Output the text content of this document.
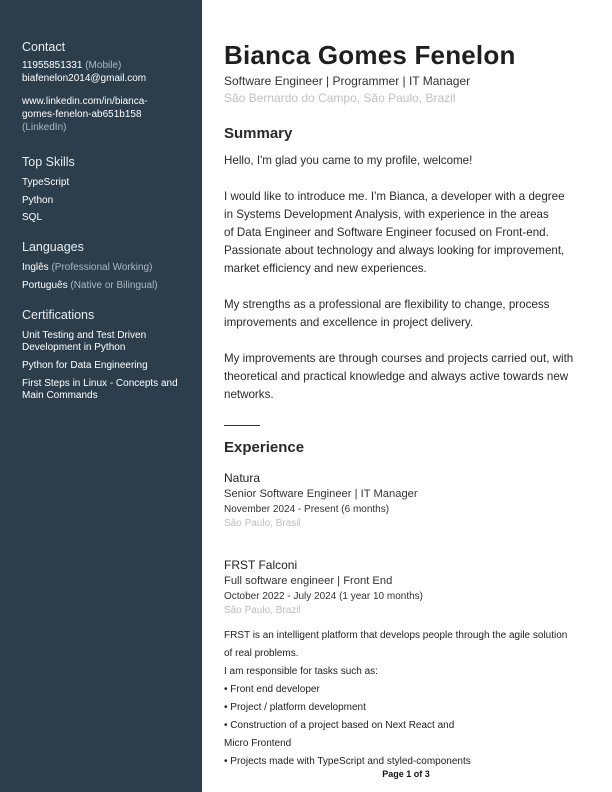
Contact
11955851331 (Mobile)
biafenelon2014@gmail.com
www.linkedin.com/in/bianca-
gomes-fenelon-ab651b158
(LinkedIn)
Top Skills
TypeScript
Python
SQL
Languages
Inglês (Professional Working)
Português (Native or Bilingual)
Certifications
Unit Testing and Test Driven
Development in Python
Python for Data Engineering
First Steps in Linux - Concepts and
Main Commands
Bianca Gomes Fenelon
Software Engineer | Programmer | IT Manager
São Bernardo do Campo, São Paulo, Brazil
Summary

Hello, I'm glad you came to my profile, welcome!

I would like to introduce me. I'm Bianca, a developer with a degree

in Systems Development Analysis, with experience in the areas

of Data Engineer and Software Engineer focused on Front-end.

Passionate about technology and always looking for improvement,

market efficiency and new experiences.

My strengths as a professional are flexibility to change, process

improvements and excellence in project delivery.

My improvements are through courses and projects carried out, with

theoretical and practical knowledge and always active towards new

networks.

Experience
Natura
Senior Software Engineer | IT Manager
November 2024 - Present (6 months)
São Paulo, Brasil
FRST Falconi
Full software engineer | Front End
October 2022 - July 2024 (1 year 10 months)
São Paulo, Brazil
FRST is an intelligent platform that develops people through the agile solution
of real problems.
I am responsible for tasks such as:
• Front end developer
• Project / platform development
• Construction of a project based on Next React and
Micro Frontend
• Projects made with TypeScript and styled-components
Page 1 of 3
